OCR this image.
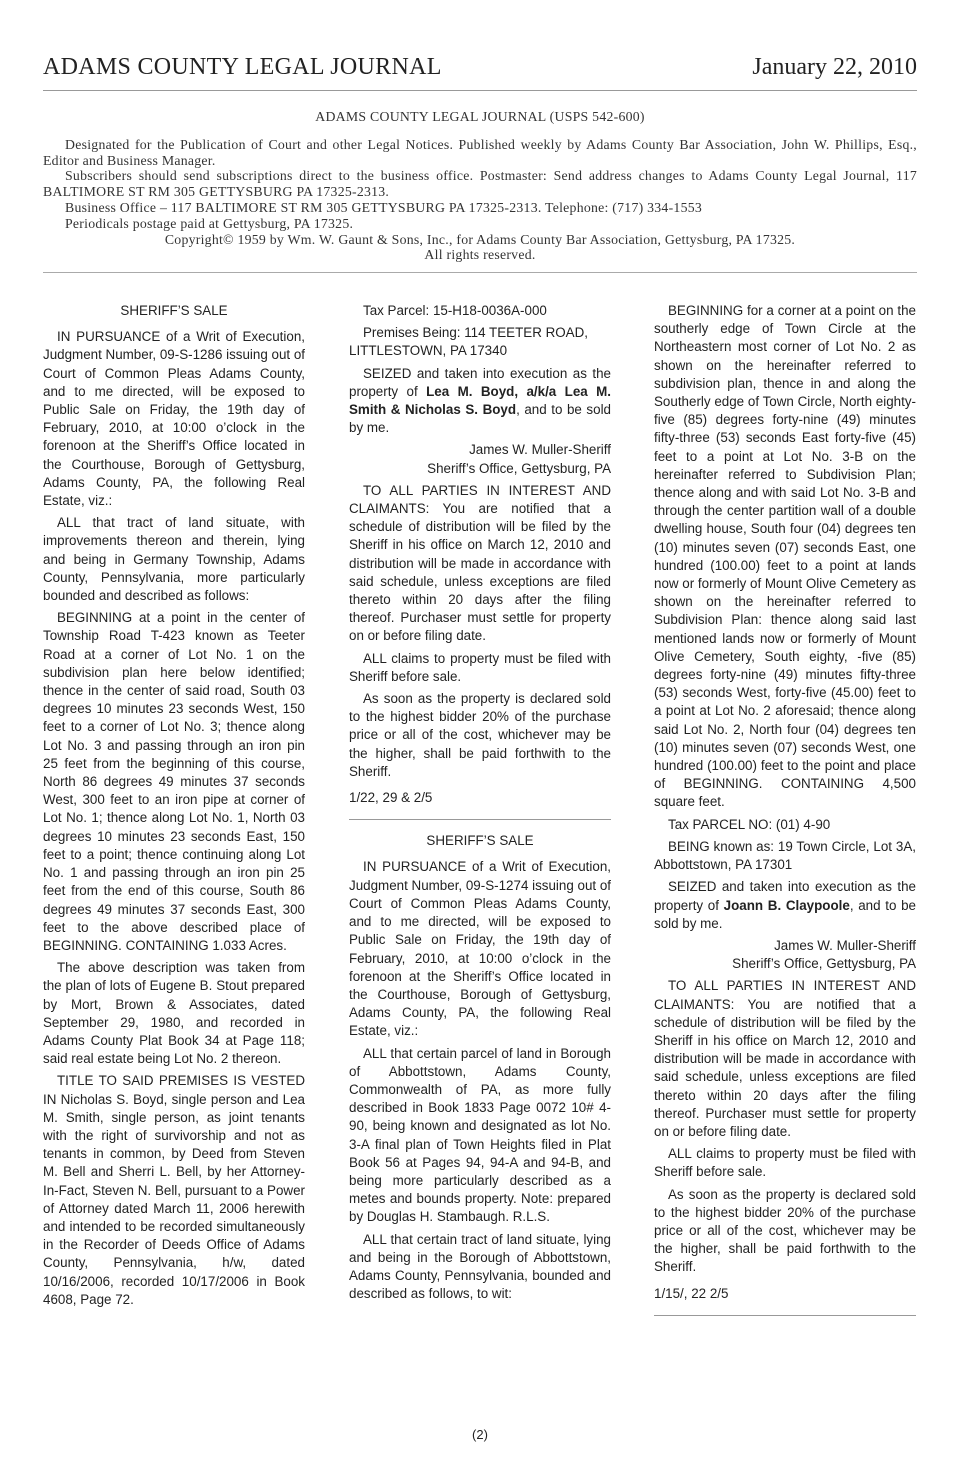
ADAMS COUNTY LEGAL JOURNAL	January 22, 2010
ADAMS COUNTY LEGAL JOURNAL (USPS 542-600)
Designated for the Publication of Court and other Legal Notices. Published weekly by Adams County Bar Association, John W. Phillips, Esq., Editor and Business Manager.
Subscribers should send subscriptions direct to the business office. Postmaster: Send address changes to Adams County Legal Journal, 117 BALTIMORE ST RM 305 GETTYSBURG PA 17325-2313.
Business Office – 117 BALTIMORE ST RM 305 GETTYSBURG PA 17325-2313. Telephone: (717) 334-1553
Periodicals postage paid at Gettysburg, PA 17325.
Copyright© 1959 by Wm. W. Gaunt & Sons, Inc., for Adams County Bar Association, Gettysburg, PA 17325.
All rights reserved.

SHERIFF’S SALE

IN PURSUANCE of a Writ of Execution, Judgment Number, 09-S-1286 issuing out of Court of Common Pleas Adams County, and to me directed, will be exposed to Public Sale on Friday, the 19th day of February, 2010, at 10:00 o’clock in the forenoon at the Sheriff’s Office located in the Courthouse, Borough of Gettysburg, Adams County, PA, the following Real Estate, viz.:

ALL that tract of land situate, with improvements thereon and therein, lying and being in Germany Township, Adams County, Pennsylvania, more particularly bounded and described as follows:

BEGINNING at a point in the center of Township Road T-423 known as Teeter Road at a corner of Lot No. 1 on the subdivision plan here below identified; thence in the center of said road, South 03 degrees 10 minutes 23 seconds West, 150 feet to a corner of Lot No. 3; thence along Lot No. 3 and passing through an iron pin 25 feet from the beginning of this course, North 86 degrees 49 minutes 37 seconds West, 300 feet to an iron pipe at corner of Lot No. 1; thence along Lot No. 1, North 03 degrees 10 minutes 23 seconds East, 150 feet to a point; thence continuing along Lot No. 1 and passing through an iron pin 25 feet from the end of this course, South 86 degrees 49 minutes 37 seconds East, 300 feet to the above described place of BEGINNING. CONTAINING 1.033 Acres.

The above description was taken from the plan of lots of Eugene B. Stout prepared by Mort, Brown & Associates, dated September 29, 1980, and recorded in Adams County Plat Book 34 at Page 118; said real estate being Lot No. 2 thereon.

TITLE TO SAID PREMISES IS VESTED IN Nicholas S. Boyd, single person and Lea M. Smith, single person, as joint tenants with the right of survivorship and not as tenants in common, by Deed from Steven M. Bell and Sherri L. Bell, by her Attorney-In-Fact, Steven N. Bell, pursuant to a Power of Attorney dated March 11, 2006 herewith and intended to be recorded simultaneously in the Recorder of Deeds Office of Adams County, Pennsylvania, h/w, dated 10/16/2006, recorded 10/17/2006 in Book 4608, Page 72.

Tax Parcel: 15-H18-0036A-000

Premises Being: 114 TEETER ROAD, LITTLESTOWN, PA 17340

SEIZED and taken into execution as the property of Lea M. Boyd, a/k/a Lea M. Smith & Nicholas S. Boyd, and to be sold by me.

James W. Muller-Sheriff

Sheriff’s Office, Gettysburg, PA

TO ALL PARTIES IN INTEREST AND CLAIMANTS: You are notified that a schedule of distribution will be filed by the Sheriff in his office on March 12, 2010 and distribution will be made in accordance with said schedule, unless exceptions are filed thereto within 20 days after the filing thereof. Purchaser must settle for property on or before filing date.

ALL claims to property must be filed with Sheriff before sale.

As soon as the property is declared sold to the highest bidder 20% of the purchase price or all of the cost, whichever may be the higher, shall be paid forthwith to the Sheriff.

1/22, 29 & 2/5

SHERIFF’S SALE

IN PURSUANCE of a Writ of Execution, Judgment Number, 09-S-1274 issuing out of Court of Common Pleas Adams County, and to me directed, will be exposed to Public Sale on Friday, the 19th day of February, 2010, at 10:00 o’clock in the forenoon at the Sheriff’s Office located in the Courthouse, Borough of Gettysburg, Adams County, PA, the following Real Estate, viz.:

ALL that certain parcel of land in Borough of Abbottstown, Adams County, Commonwealth of PA, as more fully described in Book 1833 Page 0072 10# 4-90, being known and designated as lot No. 3-A final plan of Town Heights filed in Plat Book 56 at Pages 94, 94-A and 94-B, and being more particularly described as a metes and bounds property. Note: prepared by Douglas H. Stambaugh. R.L.S.

ALL that certain tract of land situate, lying and being in the Borough of Abbottstown, Adams County, Pennsylvania, bounded and described as follows, to wit:

BEGINNING for a corner at a point on the southerly edge of Town Circle at the Northeastern most corner of Lot No. 2 as shown on the hereinafter referred to subdivision plan, thence in and along the Southerly edge of Town Circle, North eighty-five (85) degrees forty-nine (49) minutes fifty-three (53) seconds East forty-five (45) feet to a point at Lot No. 3-B on the hereinafter referred to Subdivision Plan; thence along and with said Lot No. 3-B and through the center partition wall of a double dwelling house, South four (04) degrees ten (10) minutes seven (07) seconds East, one hundred (100.00) feet to a point at lands now or formerly of Mount Olive Cemetery as shown on the hereinafter referred to Subdivision Plan: thence along said last mentioned lands now or formerly of Mount Olive Cemetery, South eighty, -five (85) degrees forty-nine (49) minutes fifty-three (53) seconds West, forty-five (45.00) feet to a point at Lot No. 2 aforesaid; thence along said Lot No. 2, North four (04) degrees ten (10) minutes seven (07) seconds West, one hundred (100.00) feet to the point and place of BEGINNING. CONTAINING 4,500 square feet.

Tax PARCEL NO: (01) 4-90

BEING known as: 19 Town Circle, Lot 3A, Abbottstown, PA 17301

SEIZED and taken into execution as the property of Joann B. Claypoole, and to be sold by me.

James W. Muller-Sheriff

Sheriff’s Office, Gettysburg, PA

TO ALL PARTIES IN INTEREST AND CLAIMANTS: You are notified that a schedule of distribution will be filed by the Sheriff in his office on March 12, 2010 and distribution will be made in accordance with said schedule, unless exceptions are filed thereto within 20 days after the filing thereof. Purchaser must settle for property on or before filing date.

ALL claims to property must be filed with Sheriff before sale.

As soon as the property is declared sold to the highest bidder 20% of the purchase price or all of the cost, whichever may be the higher, shall be paid forthwith to the Sheriff.

1/15/, 22 2/5

(2)
